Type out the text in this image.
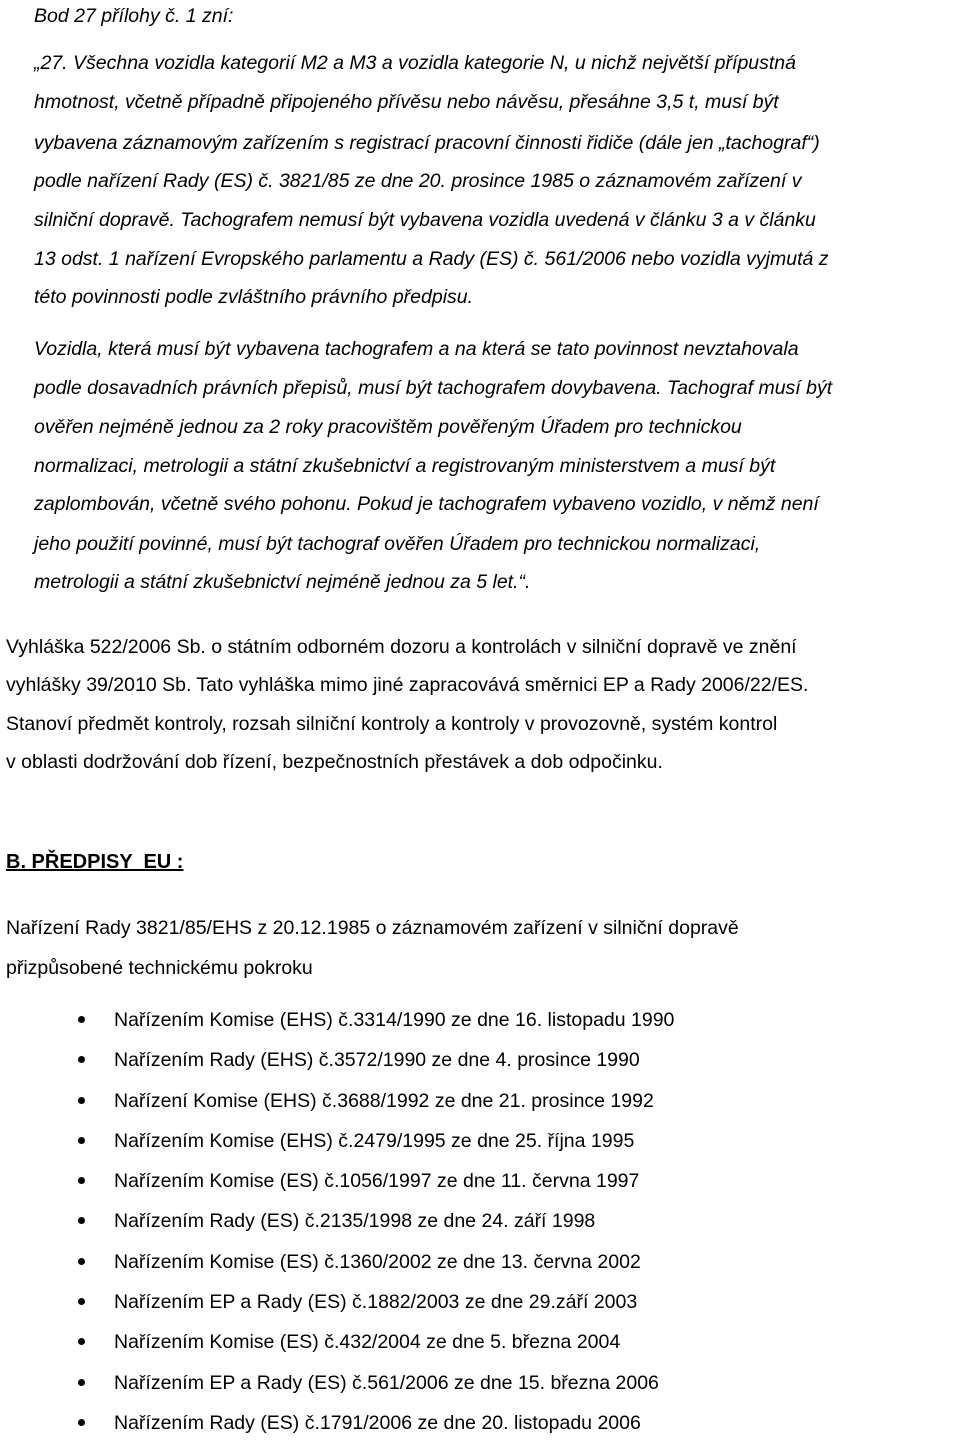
Bod 27 přílohy č. 1 zní:
„27. Všechna vozidla kategorií M2 a M3 a vozidla kategorie N, u nichž největší přípustná
hmotnost, včetně případně připojeného přívěsu nebo návěsu, přesáhne 3,5 t, musí být
vybavena záznamovým zařízením s registrací pracovní činnosti řidiče (dále jen „tachograf“)
podle nařízení Rady (ES) č. 3821/85 ze dne 20. prosince 1985 o záznamovém zařízení v
silniční dopravě. Tachografem nemusí být vybavena vozidla uvedená v článku 3 a v článku
13 odst. 1 nařízení Evropského parlamentu a Rady (ES) č. 561/2006 nebo vozidla vyjmutá z
této povinnosti podle zvláštního právního předpisu.
Vozidla, která musí být vybavena tachografem a na která se tato povinnost nevztahovala
podle dosavadních právních přepisů, musí být tachografem dovybavena. Tachograf musí být
ověřen nejméně jednou za 2 roky pracovištěm pověřeným Úřadem pro technickou
normalizaci, metrologii a státní zkušebnictví a registrovaným ministerstvem a musí být
zaplombován, včetně svého pohonu. Pokud je tachografem vybaveno vozidlo, v němž není
jeho použití povinné, musí být tachograf ověřen Úřadem pro technickou normalizaci,
metrologii a státní zkušebnictví nejméně jednou za 5 let.“.
Vyhláška 522/2006 Sb. o státním odborném dozoru a kontrolách v silniční dopravě ve znění
vyhlášky 39/2010 Sb. Tato vyhláška mimo jiné zapracovává směrnici EP a Rady 2006/22/ES.
Stanoví předmět kontroly, rozsah silniční kontroly a kontroly v provozovně, systém kontrol
v oblasti dodržování dob řízení, bezpečnostních přestávek a dob odpočinku.
B. PŘEDPISY  EU :
Nařízení Rady 3821/85/EHS z 20.12.1985 o záznamovém zařízení v silniční dopravě
přizpůsobené technickému pokroku
Nařízením Komise (EHS) č.3314/1990 ze dne 16. listopadu 1990
Nařízením Rady (EHS) č.3572/1990 ze dne 4. prosince 1990
Nařízení Komise (EHS) č.3688/1992 ze dne 21. prosince 1992
Nařízením Komise (EHS) č.2479/1995 ze dne 25. října 1995
Nařízením Komise (ES) č.1056/1997 ze dne 11. června 1997
Nařízením Rady (ES) č.2135/1998 ze dne 24. září 1998
Nařízením Komise (ES) č.1360/2002 ze dne 13. června 2002
Nařízením EP a Rady (ES) č.1882/2003 ze dne 29.září 2003
Nařízením Komise (ES) č.432/2004 ze dne 5. března 2004
Nařízením EP a Rady (ES) č.561/2006 ze dne 15. března 2006
Nařízením Rady (ES) č.1791/2006 ze dne 20. listopadu 2006
